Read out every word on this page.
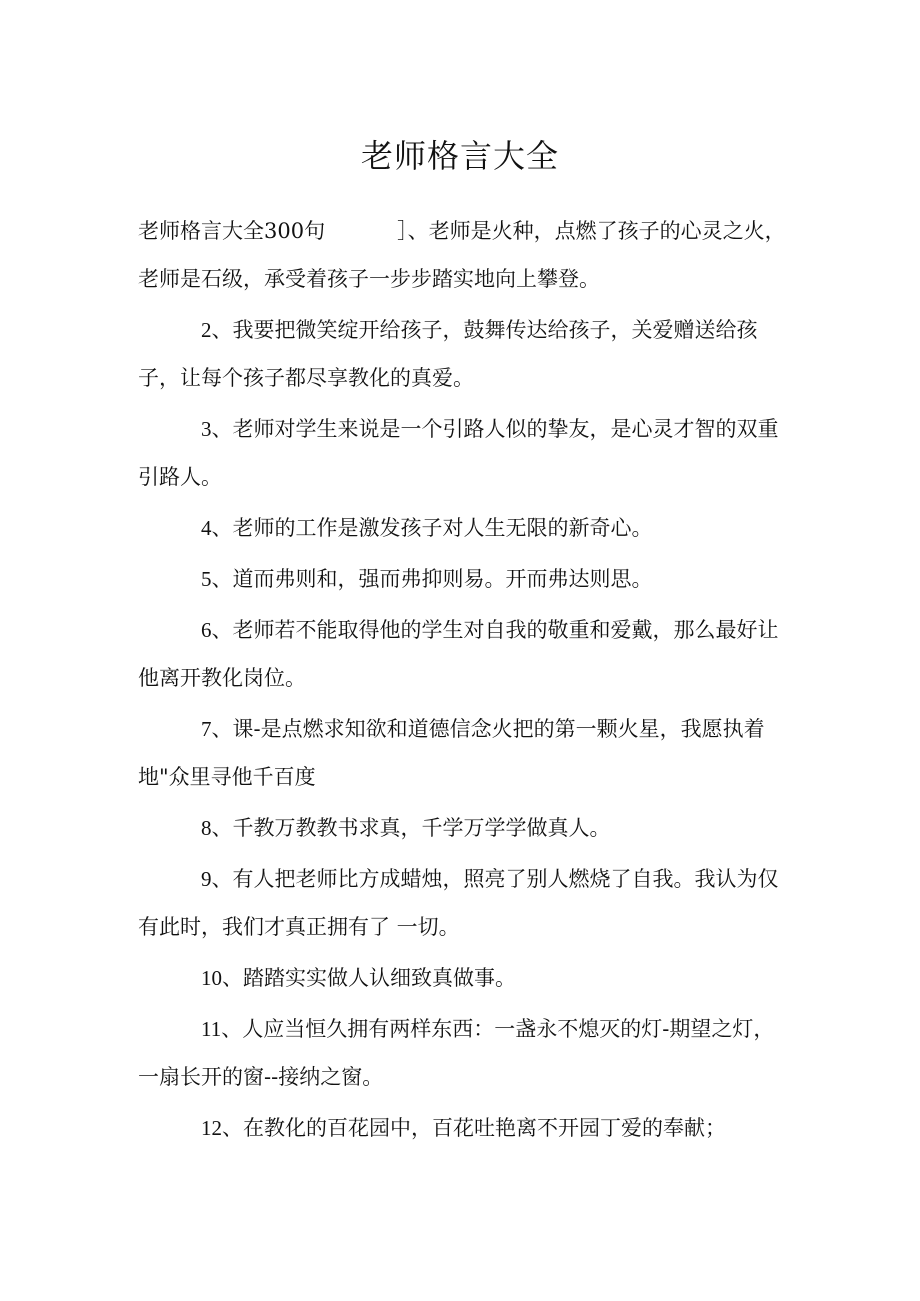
老师格言大全

老师格言大全300句	］、老师是火种，点燃了孩子的心灵之火，老师是石级，承受着孩子一步步踏实地向上攀登。

2、我要把微笑绽开给孩子，鼓舞传达给孩子，关爱赠送给孩子，让每个孩子都尽享教化的真爱。

3、老师对学生来说是一个引路人似的挚友，是心灵才智的双重引路人。

4、老师的工作是激发孩子对人生无限的新奇心。

5、道而弗则和，强而弗抑则易。开而弗达则思。

6、老师若不能取得他的学生对自我的敬重和爱戴，那么最好让他离开教化岗位。

7、课-是点燃求知欲和道德信念火把的第一颗火星，我愿执着地"众里寻他千百度

8、千教万教教书求真，千学万学学做真人。

9、有人把老师比方成蜡烛，照亮了别人燃烧了自我。我认为仅有此时，我们才真正拥有了 一切。

10、踏踏实实做人认细致真做事。

11、人应当恒久拥有两样东西：一盏永不熄灭的灯-期望之灯，一扇长开的窗--接纳之窗。

12、在教化的百花园中，百花吐艳离不开园丁爱的奉献；
